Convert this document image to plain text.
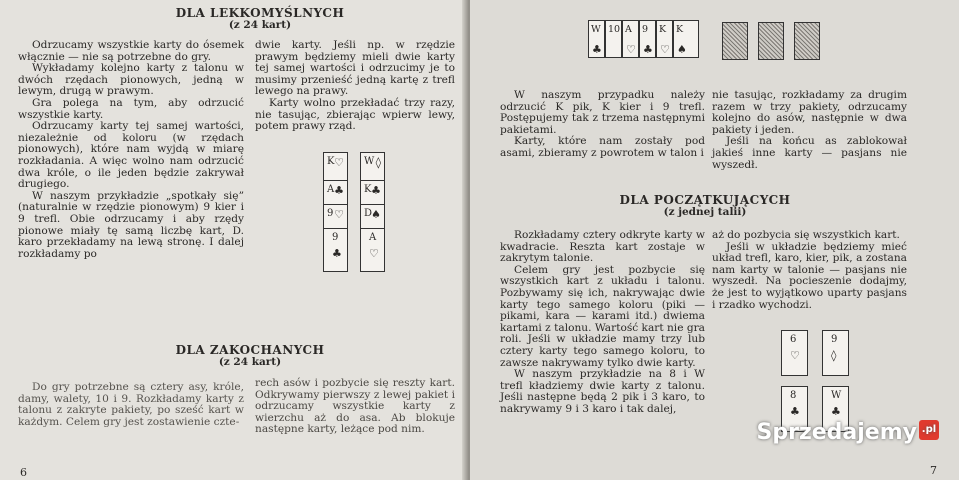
DLA LEKKOMYŚLNYCH
(z 24 kart)

Odrzucamy wszystkie karty do ósemek włącznie — nie są potrzebne do gry.

Wykładamy kolejno karty z talonu w dwóch rzędach pionowych, jedną w lewym, drugą w prawym.

Gra polega na tym, aby odrzucić wszystkie karty.

Odrzucamy karty tej samej wartości, niezależnie od koloru (w rzędach pionowych), które nam wyjdą w miarę rozkładania. A więc wolno nam odrzucić dwa króle, o ile jeden będzie zakrywał drugiego.

W naszym przykładzie „spotkały się” (naturalnie w rzędzie pionowym) 9 kier i 9 trefl. Obie odrzucamy i aby rzędy pionowe miały tę samą liczbę kart, D. karo przekładamy na lewą stronę. I dalej rozkładamy po

dwie karty. Jeśli np. w rzędzie prawym będziemy mieli dwie karty tej samej wartości i odrzucimy je to musimy przenieść jedną kartę z trefl lewego na prawy.

Karty wolno przekładać trzy razy, nie tasując, zbierając wpierw lewy, potem prawy rząd.

K ♡
A ♣
9 ♡
9
♣
W ◊
K ♣
D ♠
A
♡
DLA ZAKOCHANYCH
(z 24 kart)

Do gry potrzebne są cztery asy, króle, damy, walety, 10 i 9. Rozkładamy karty z talonu z zakryte pakiety, po sześć kart w każdym. Celem gry jest zostawienie czte-

rech asów i pozbycie się reszty kart. Odkrywamy pierwszy z lewej pakiet i odrzucamy wszystkie karty z wierzchu aż do asa. Ab blokuje następne karty, leżące pod nim.

6
W
♣
10 A
♡
9
♣
K
♡
K
♠

W naszym przypadku należy odrzucić K pik, K kier i 9 trefl. Postępujemy tak z trzema następnymi pakietami.

Karty, które nam zostały pod asami, zbieramy z powrotem w talon i

nie tasując, rozkładamy za drugim razem w trzy pakiety, odrzucamy kolejno do asów, następnie w dwa pakiety i jeden.

Jeśli na końcu as zablokował jakieś inne karty — pasjans nie wyszedł.

DLA POCZĄTKUJĄCYCH
(z jednej talii)

Rozkładamy cztery odkryte karty w kwadracie. Reszta kart zostaje w zakrytym talonie.

Celem gry jest pozbycie się wszystkich kart z układu i talonu. Pozbywamy się ich, nakrywając dwie karty tego samego koloru (piki — pikami, kara — karami itd.) dwiema kartami z talonu. Wartość kart nie gra roli. Jeśli w układzie mamy trzy lub cztery karty tego samego koloru, to zawsze nakrywamy tylko dwie karty.

W naszym przykładzie na 8 i W trefl kładziemy dwie karty z talonu. Jeśli następne będą 2 pik i 3 karo, to nakrywamy 9 i 3 karo i tak dalej,

aż do pozbycia się wszystkich kart.

Jeśli w układzie będziemy mieć układ trefl, karo, kier, pik, a zostana nam karty w talonie — pasjans nie wyszedł. Na pocieszenie dodajmy, że jest to wyjątkowo uparty pasjans i rzadko wychodzi.

6
♡
9
◊
8
♣
W
♣
7
Sprzedajemy .pl
